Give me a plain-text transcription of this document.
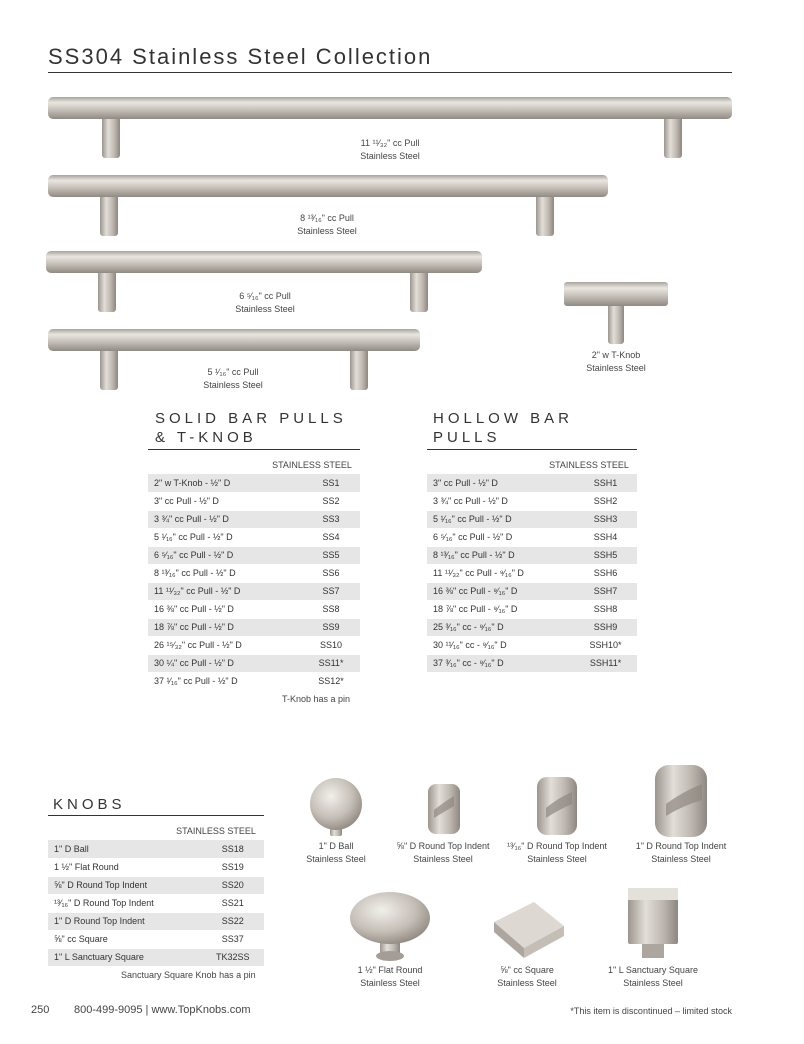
SS304 Stainless Steel Collection
11 ¹¹⁄₃₂" cc Pull
Stainless Steel
8 ¹³⁄₁₆" cc Pull
Stainless Steel
6 ⁵⁄₁₆" cc Pull
Stainless Steel
5 ¹⁄₁₆" cc Pull
Stainless Steel
2" w T-Knob
Stainless Steel
SOLID BAR PULLS
& T-KNOB
STAINLESS STEEL
2" w T-Knob - ½" D	SS1
3" cc Pull - ½" D	SS2
3 ¾" cc Pull - ½" D	SS3
5 ¹⁄₁₆" cc Pull - ½" D	SS4
6 ⁵⁄₁₆" cc Pull - ½" D	SS5
8 ¹³⁄₁₆" cc Pull - ½" D	SS6
11 ¹¹⁄₃₂" cc Pull - ½" D	SS7
16 ⅜" cc Pull - ½" D	SS8
18 ⅞" cc Pull - ½" D	SS9
26 ¹⁵⁄₃₂" cc Pull - ½" D	SS10
30 ¼" cc Pull - ½" D	SS11*
37 ¹⁄₁₆" cc Pull - ½" D	SS12*
T-Knob has a pin
HOLLOW BAR
PULLS
STAINLESS STEEL
3" cc Pull - ½" D	SSH1
3 ¾" cc Pull - ½" D	SSH2
5 ¹⁄₁₆" cc Pull - ½" D	SSH3
6 ⁵⁄₁₆" cc Pull - ½" D	SSH4
8 ¹³⁄₁₆" cc Pull - ½" D	SSH5
11 ¹¹⁄₃₂" cc Pull - ⁹⁄₁₆" D	SSH6
16 ⅜" cc Pull - ⁹⁄₁₆" D	SSH7
18 ⅞" cc Pull - ⁹⁄₁₆" D	SSH8
25 ³⁄₁₆" cc - ⁹⁄₁₆" D	SSH9
30 ¹¹⁄₁₆" cc - ⁹⁄₁₆" D	SSH10*
37 ³⁄₁₆" cc - ⁹⁄₁₆" D	SSH11*
KNOBS
STAINLESS STEEL
1" D Ball	SS18
1 ½" Flat Round	SS19
⅝" D Round Top Indent	SS20
¹³⁄₁₆" D Round Top Indent	SS21
1" D Round Top Indent	SS22
⅝" cc Square	SS37
1" L Sanctuary Square	TK32SS
Sanctuary Square Knob has a pin
1" D Ball
Stainless Steel
⅝" D Round Top Indent
Stainless Steel
¹³⁄₁₆" D Round Top Indent
Stainless Steel
1" D Round Top Indent
Stainless Steel
1 ½" Flat Round
Stainless Steel
⅝" cc Square
Stainless Steel
1" L Sanctuary Square
Stainless Steel
250 800-499-9095 | www.TopKnobs.com	*This item is discontinued – limited stock
